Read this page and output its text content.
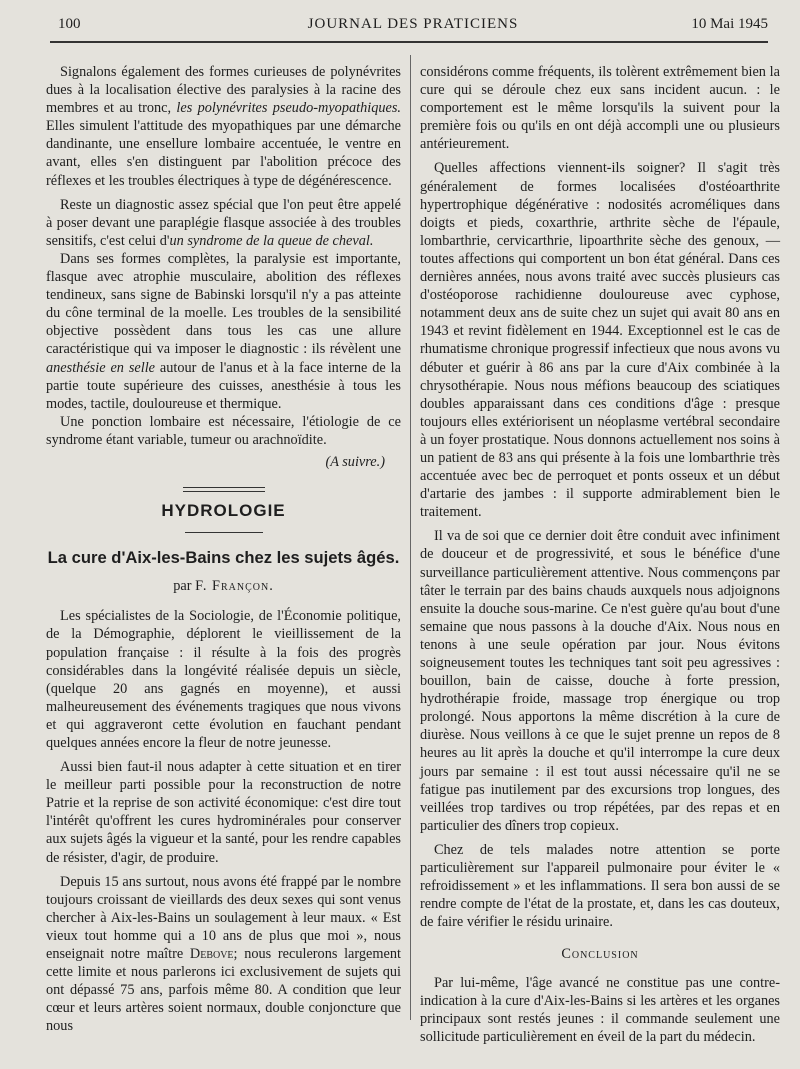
JOURNAL DES PRATICIENS
100	10 Mai 1945

Signalons également des formes curieuses de polynévrites dues à la localisation élective des paralysies à la racine des membres et au tronc, les polynévrites pseudo-myopathiques. Elles simulent l'attitude des myopathiques par une démarche dandinante, une ensellure lombaire accentuée, le ventre en avant, elles s'en distinguent par l'abolition précoce des réflexes et les troubles électriques à type de dégénérescence.

Reste un diagnostic assez spécial que l'on peut être appelé à poser devant une paraplégie flasque associée à des troubles sensitifs, c'est celui d'un syndrome de la queue de cheval.

Dans ses formes complètes, la paralysie est importante, flasque avec atrophie musculaire, abolition des réflexes tendineux, sans signe de Babinski lorsqu'il n'y a pas atteinte du cône terminal de la moelle. Les troubles de la sensibilité objective possèdent dans tous les cas une allure caractéristique qui va imposer le diagnostic : ils révèlent une anesthésie en selle autour de l'anus et à la face interne de la partie toute supérieure des cuisses, anesthésie à tous les modes, tactile, douloureuse et thermique.

Une ponction lombaire est nécessaire, l'étiologie de ce syndrome étant variable, tumeur ou arachnoïdite.

(A suivre.)
HYDROLOGIE
La cure d'Aix-les-Bains chez les sujets âgés.
par F. Françon.

Les spécialistes de la Sociologie, de l'Économie politique, de la Démographie, déplorent le vieillissement de la population française : il résulte à la fois des progrès considérables dans la longévité réalisée depuis un siècle, (quelque 20 ans gagnés en moyenne), et aussi malheureusement des événements tragiques que nous vivons et qui aggraveront cette évolution en fauchant pendant quelques années encore la fleur de notre jeunesse.

Aussi bien faut-il nous adapter à cette situation et en tirer le meilleur parti possible pour la reconstruction de notre Patrie et la reprise de son activité économique: c'est dire tout l'intérêt qu'offrent les cures hydrominérales pour conserver aux sujets âgés la vigueur et la santé, pour les rendre capables de résister, d'agir, de produire.

Depuis 15 ans surtout, nous avons été frappé par le nombre toujours croissant de vieillards des deux sexes qui sont venus chercher à Aix-les-Bains un soulagement à leur maux. « Est vieux tout homme qui a 10 ans de plus que moi », nous enseignait notre maître Debove; nous reculerons largement cette limite et nous parlerons ici exclusivement de sujets qui ont dépassé 75 ans, parfois même 80. A condition que leur cœur et leurs artères soient normaux, double conjoncture que nous

considérons comme fréquents, ils tolèrent extrêmement bien la cure qui se déroule chez eux sans incident aucun. : le comportement est le même lorsqu'ils la suivent pour la première fois ou qu'ils en ont déjà accompli une ou plusieurs antérieurement.

Quelles affections viennent-ils soigner? Il s'agit très généralement de formes localisées d'ostéoarthrite hypertrophique dégénérative : nodosités acroméliques dans doigts et pieds, coxarthrie, arthrite sèche de l'épaule, lombarthrie, cervicarthrie, lipoarthrite sèche des genoux, — toutes affections qui comportent un bon état général. Dans ces dernières années, nous avons traité avec succès plusieurs cas d'ostéoporose rachidienne douloureuse avec cyphose, notamment deux ans de suite chez un sujet qui avait 80 ans en 1943 et revint fidèlement en 1944. Exceptionnel est le cas de rhumatisme chronique progressif infectieux que nous avons vu débuter et guérir à 86 ans par la cure d'Aix combinée à la chrysothérapie. Nous nous méfions beaucoup des sciatiques doubles apparaissant dans ces conditions d'âge : presque toujours elles extériorisent un néoplasme vertébral secondaire à un foyer prostatique. Nous donnons actuellement nos soins à un patient de 83 ans qui présente à la fois une lombarthrie très accentuée avec bec de perroquet et ponts osseux et un début d'artarie des jambes : il supporte admirablement bien le traitement.

Il va de soi que ce dernier doit être conduit avec infiniment de douceur et de progressivité, et sous le bénéfice d'une surveillance particulièrement attentive. Nous commençons par tâter le terrain par des bains chauds auxquels nous adjoignons ensuite la douche sous-marine. Ce n'est guère qu'au bout d'une semaine que nous passons à la douche d'Aix. Nous nous en tenons à une seule opération par jour. Nous évitons soigneusement toutes les techniques tant soit peu agressives : bouillon, bain de caisse, douche à forte pression, hydrothérapie froide, massage trop énergique ou trop prolongé. Nous apportons la même discrétion à la cure de diurèse. Nous veillons à ce que le sujet prenne un repos de 8 heures au lit après la douche et qu'il interrompe la cure deux jours par semaine : il est tout aussi nécessaire qu'il ne se fatigue pas inutilement par des excursions trop longues, des veillées trop tardives ou trop répétées, par des repas et en particulier des dîners trop copieux.

Chez de tels malades notre attention se porte particulièrement sur l'appareil pulmonaire pour éviter le « refroidissement » et les inflammations. Il sera bon aussi de se rendre compte de l'état de la prostate, et, dans les cas douteux, de faire vérifier le résidu urinaire.

Conclusion

Par lui-même, l'âge avancé ne constitue pas une contre-indication à la cure d'Aix-les-Bains si les artères et les organes principaux sont restés jeunes : il commande seulement une sollicitude particulièrement en éveil de la part du médecin.
